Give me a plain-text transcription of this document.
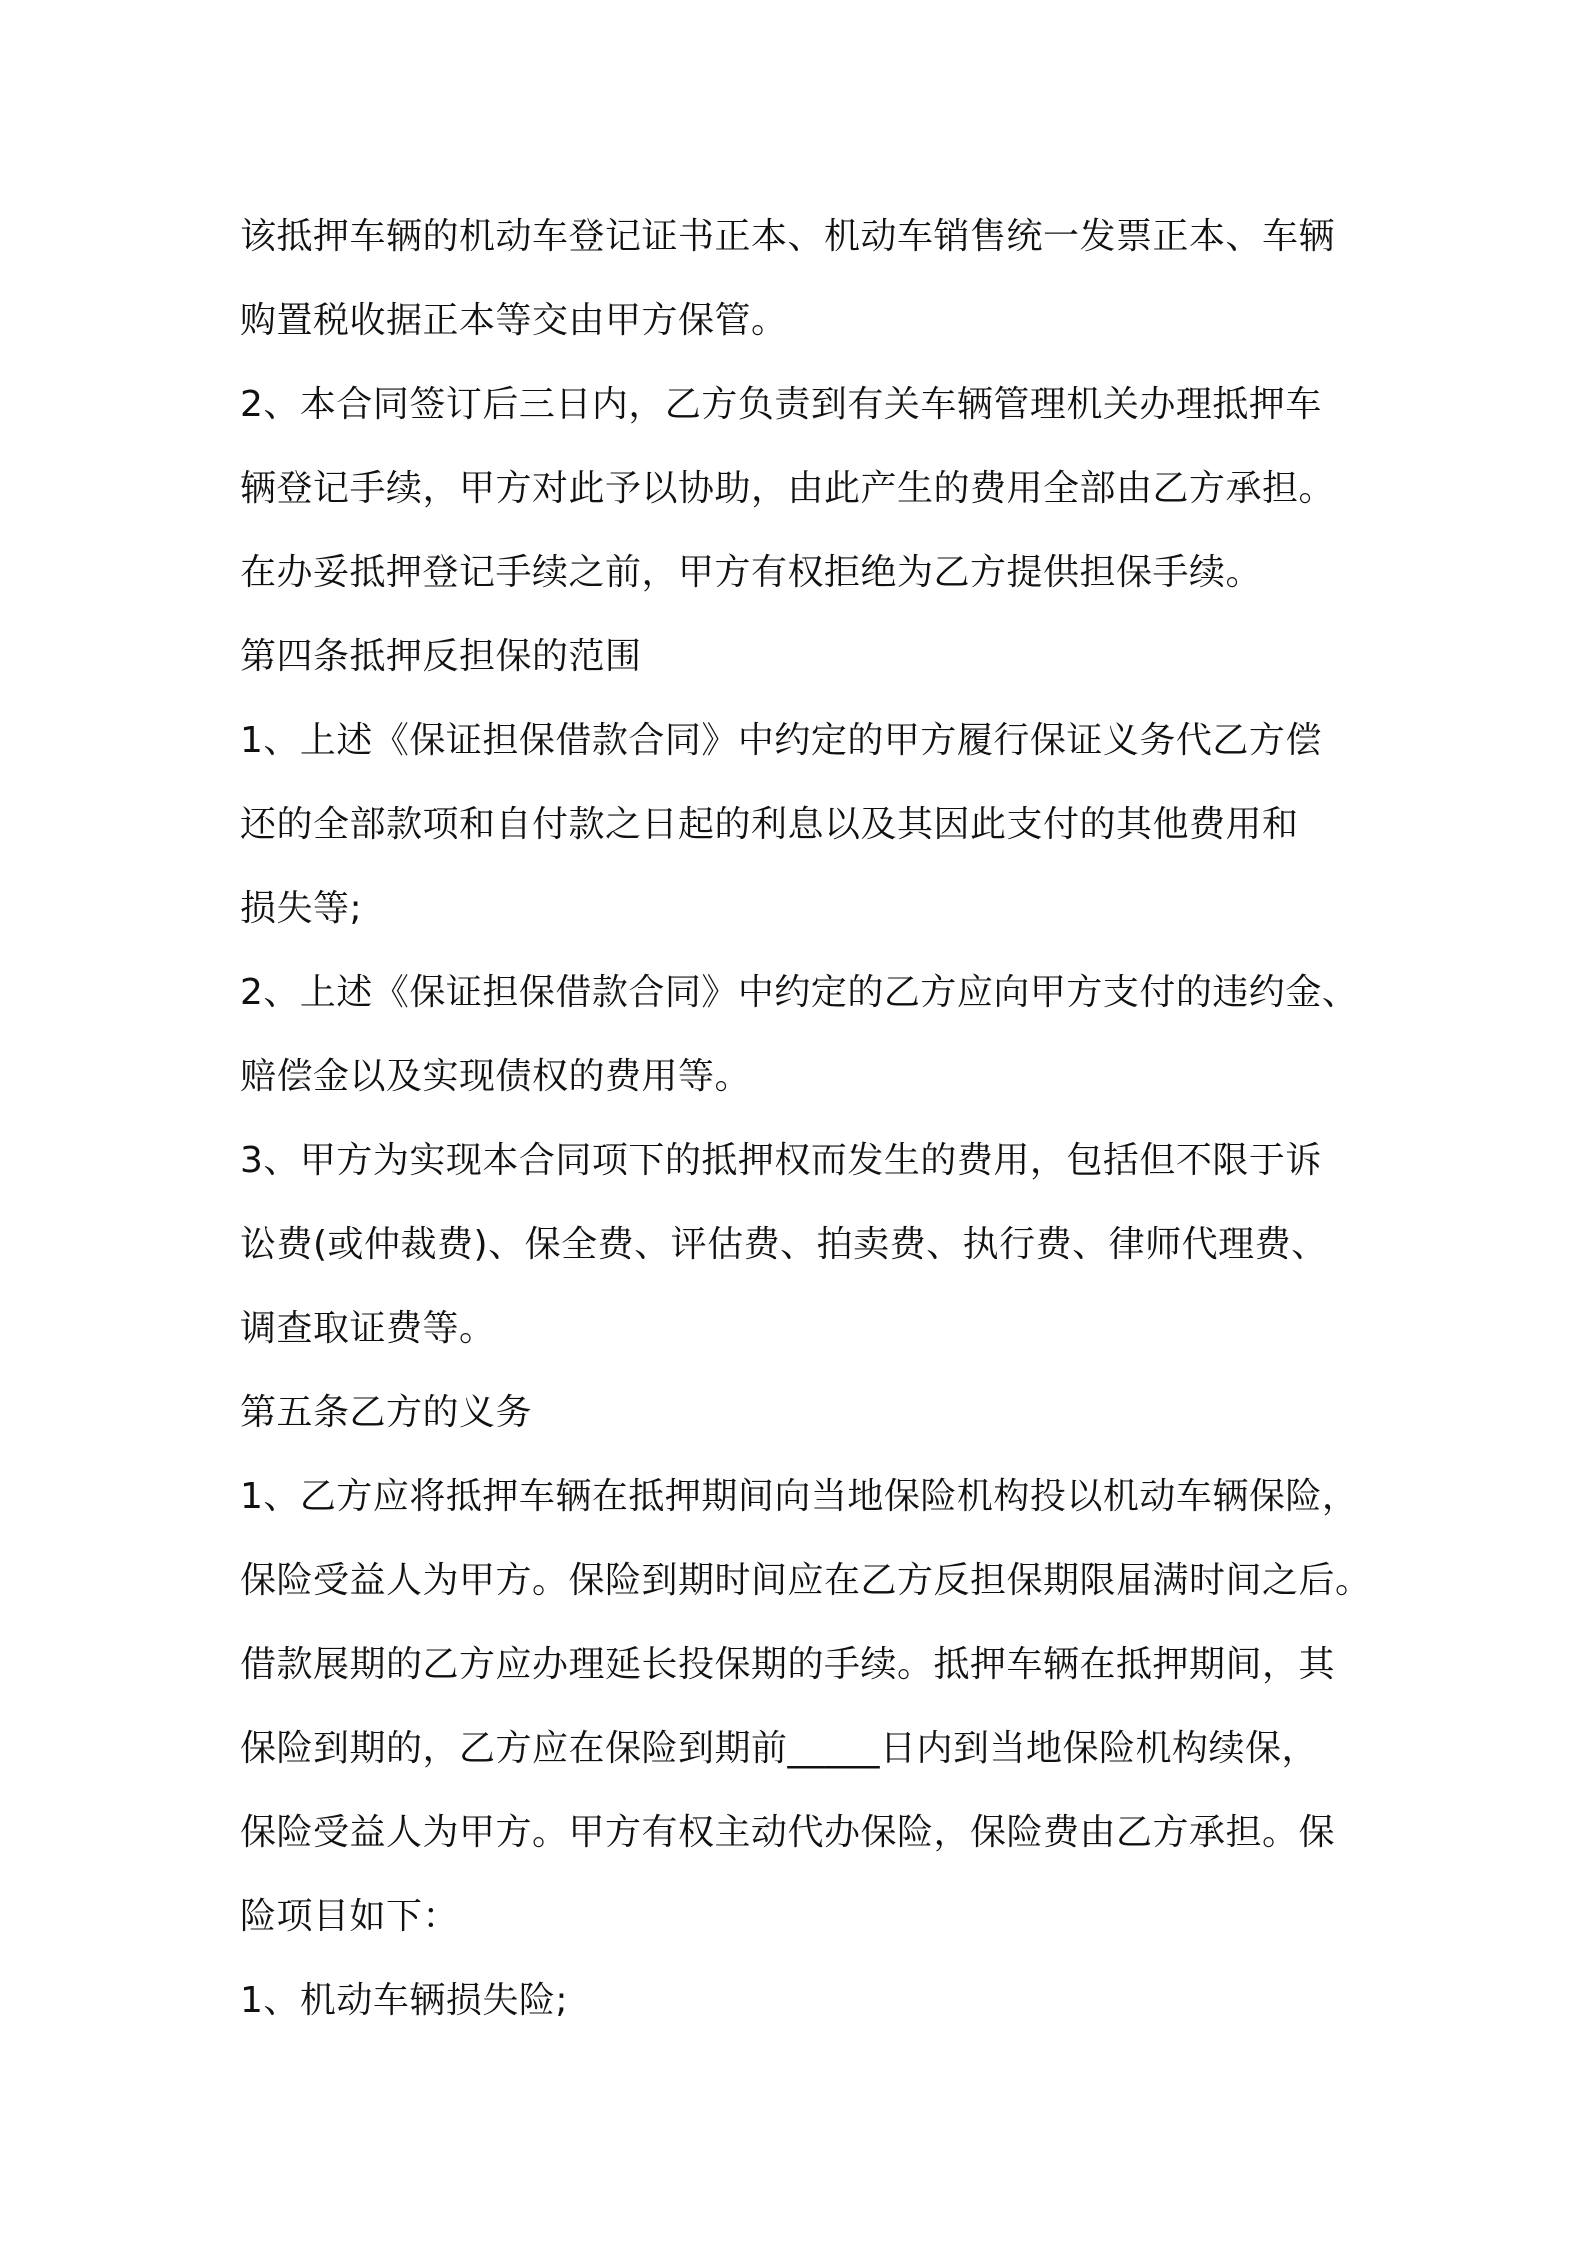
该抵押车辆的机动车登记证书正本、机动车销售统一发票正本、车辆
购置税收据正本等交由甲方保管。
2、本合同签订后三日内，乙方负责到有关车辆管理机关办理抵押车
辆登记手续，甲方对此予以协助，由此产生的费用全部由乙方承担。
在办妥抵押登记手续之前，甲方有权拒绝为乙方提供担保手续。
第四条抵押反担保的范围
1、上述《保证担保借款合同》中约定的甲方履行保证义务代乙方偿
还的全部款项和自付款之日起的利息以及其因此支付的其他费用和
损失等;
2、上述《保证担保借款合同》中约定的乙方应向甲方支付的违约金、
赔偿金以及实现债权的费用等。
3、甲方为实现本合同项下的抵押权而发生的费用，包括但不限于诉
讼费(或仲裁费)、保全费、评估费、拍卖费、执行费、律师代理费、
调查取证费等。
第五条乙方的义务
1、乙方应将抵押车辆在抵押期间向当地保险机构投以机动车辆保险，
保险受益人为甲方。保险到期时间应在乙方反担保期限届满时间之后。
借款展期的乙方应办理延长投保期的手续。抵押车辆在抵押期间，其
保险到期的，乙方应在保险到期前_____日内到当地保险机构续保，
保险受益人为甲方。甲方有权主动代办保险，保险费由乙方承担。保
险项目如下：
1、机动车辆损失险;
